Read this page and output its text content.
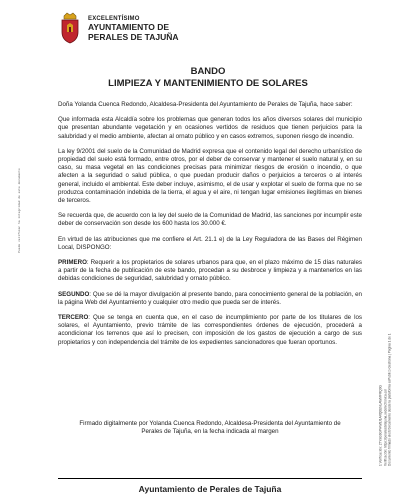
EXCELENTÍSIMO
AYUNTAMIENTO DE
PERALES DE TAJUÑA
Puede verificar la integridad de este documento
1 Verificación: 27Y9G3GPHW8J1ARQ0ENLAWMFRQ3G Verificación: https://peralesdetajuna.sedelectronica.es/ Documento firmado electrónicamente desde la plataforma esPublico Gestiona | Página 1 de 1
BANDO
LIMPIEZA Y MANTENIMIENTO DE SOLARES

Doña Yolanda Cuenca Redondo, Alcaldesa-Presidenta del Ayuntamiento de Perales de Tajuña, hace saber:

Que informada esta Alcaldía sobre los problemas que generan todos los años diversos solares del municipio que presentan abundante vegetación y en ocasiones vertidos de residuos que tienen perjuicios para la salubridad y el medio ambiente, afectan al ornato público y en casos extremos, suponen riesgo de incendio.

La ley 9/2001 del suelo de la Comunidad de Madrid expresa que el contenido legal del derecho urbanístico de propiedad del suelo está formado, entre otros, por el deber de conservar y mantener el suelo natural y, en su caso, su masa vegetal en las condiciones precisas para minimizar riesgos de erosión o incendio, o que afecten a la seguridad o salud pública, o que puedan producir daños o perjuicios a terceros o al interés general, incluido el ambiental. Este deber incluye, asimismo, el de usar y explotar el suelo de forma que no se produzca contaminación indebida de la tierra, el agua y el aire, ni tengan lugar emisiones ilegítimas en bienes de terceros.

Se recuerda que, de acuerdo con la ley del suelo de la Comunidad de Madrid, las sanciones por incumplir este deber de conservación son desde los 600 hasta los 30.000 €.

En virtud de las atribuciones que me confiere el Art. 21.1 e) de la Ley Reguladora de las Bases del Régimen Local, DISPONGO:

PRIMERO: Requerir a los propietarios de solares urbanos para que, en el plazo máximo de 15 días naturales a partir de la fecha de publicación de este bando, procedan a su desbroce y limpieza y a mantenerlos en las debidas condiciones de seguridad, salubridad y ornato público.

SEGUNDO: Que se dé la mayor divulgación al presente bando, para conocimiento general de la población, en la página Web del Ayuntamiento y cualquier otro medio que pueda ser de interés.

TERCERO: Que se tenga en cuenta que, en el caso de incumplimiento por parte de los titulares de los solares, el Ayuntamiento, previo trámite de las correspondientes órdenes de ejecución, procederá a acondicionar los terrenos que así lo precisen, con imposición de los gastos de ejecución a cargo de sus propietarios y con independencia del trámite de los expedientes sancionadores que fueran oportunos.

Firmado digitalmente por Yolanda Cuenca Redondo, Alcaldesa-Presidenta del Ayuntamiento de Perales de Tajuña, en la fecha indicada al margen
Ayuntamiento de Perales de Tajuña
